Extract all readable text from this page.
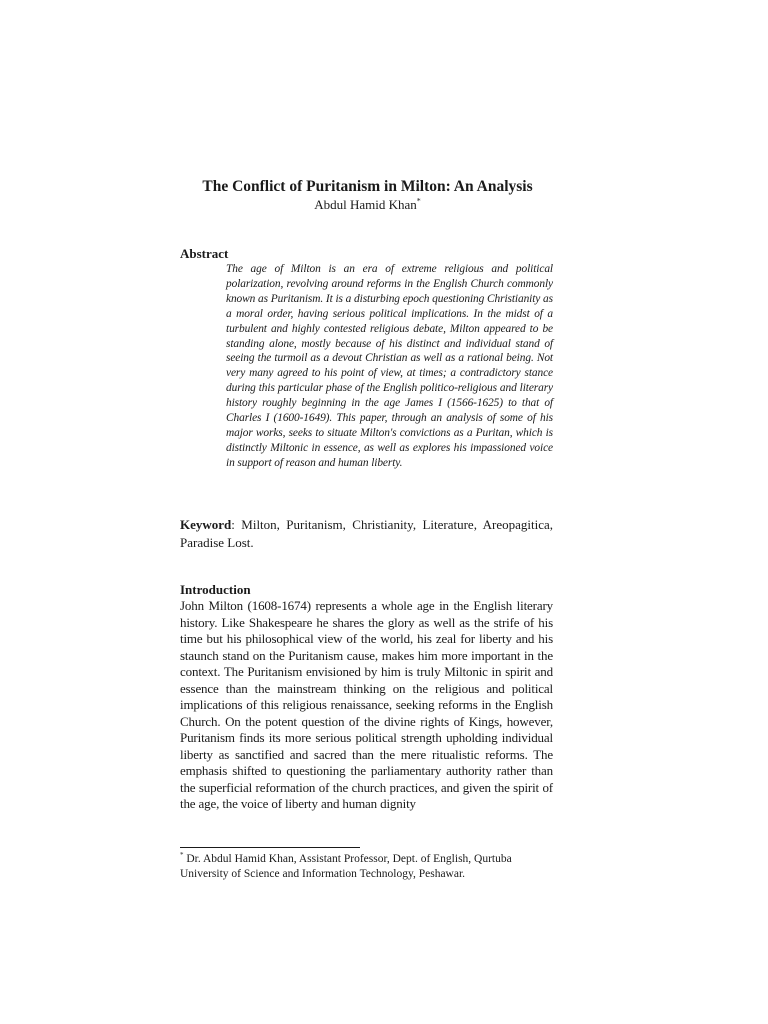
The Conflict of Puritanism in Milton: An Analysis
Abdul Hamid Khan*
Abstract

The age of Milton is an era of extreme religious and political polarization, revolving around reforms in the English Church commonly known as Puritanism. It is a disturbing epoch questioning Christianity as a moral order, having serious political implications. In the midst of a turbulent and highly contested religious debate, Milton appeared to be standing alone, mostly because of his distinct and individual stand of seeing the turmoil as a devout Christian as well as a rational being. Not very many agreed to his point of view, at times; a contradictory stance during this particular phase of the English politico-religious and literary history roughly beginning in the age James I (1566-1625) to that of Charles I (1600-1649). This paper, through an analysis of some of his major works, seeks to situate Milton's convictions as a Puritan, which is distinctly Miltonic in essence, as well as explores his impassioned voice in support of reason and human liberty.

Keyword: Milton, Puritanism, Christianity, Literature, Areopagitica, Paradise Lost.

Introduction

John Milton (1608-1674) represents a whole age in the English literary history. Like Shakespeare he shares the glory as well as the strife of his time but his philosophical view of the world, his zeal for liberty and his staunch stand on the Puritanism cause, makes him more important in the context. The Puritanism envisioned by him is truly Miltonic in spirit and essence than the mainstream thinking on the religious and political implications of this religious renaissance, seeking reforms in the English Church. On the potent question of the divine rights of Kings, however, Puritanism finds its more serious political strength upholding individual liberty as sanctified and sacred than the mere ritualistic reforms. The emphasis shifted to questioning the parliamentary authority rather than the superficial reformation of the church practices, and given the spirit of the age, the voice of liberty and human dignity

* Dr. Abdul Hamid Khan, Assistant Professor, Dept. of English, Qurtuba University of Science and Information Technology, Peshawar.
